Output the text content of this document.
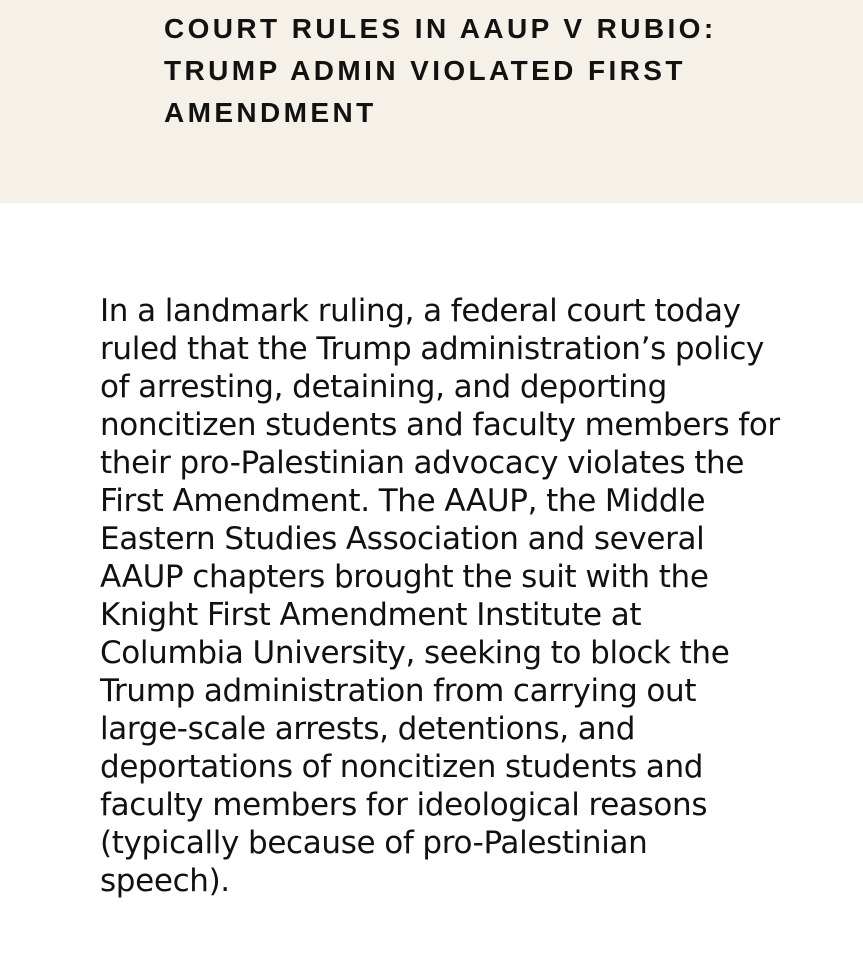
COURT RULES IN AAUP V RUBIO: TRUMP ADMIN VIOLATED FIRST AMENDMENT

In a landmark ruling, a federal court today ruled that the Trump administration’s policy of arresting, detaining, and deporting noncitizen students and faculty members for their pro-Palestinian advocacy violates the First Amendment. The AAUP, the Middle Eastern Studies Association and several AAUP chapters brought the suit with the Knight First Amendment Institute at Columbia University, seeking to block the Trump administration from carrying out large-scale arrests, detentions, and deportations of noncitizen students and faculty members for ideological reasons (typically because of pro-Palestinian speech).
